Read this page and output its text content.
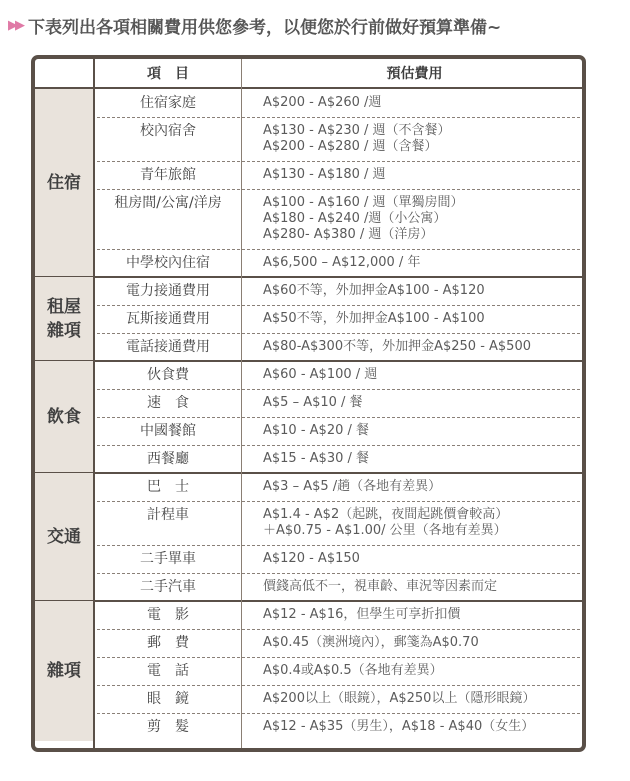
▶▶ 下表列出各項相關費用供您參考，以便您於行前做好預算準備~
項　目	預估費用
住宿
住宿家庭	A$200 - A$260 /週
校內宿舍	A$130 - A$230 / 週（不含餐）
A$200 - A$280 / 週（含餐）
青年旅館	A$130 - A$180 / 週
租房間/公寓/洋房	A$100 - A$160 / 週（單獨房間）
A$180 - A$240 /週（小公寓）
A$280- A$380 / 週（洋房）
中學校內住宿	A$6,500 – A$12,000 / 年
租屋
雜項
電力接通費用	A$60不等，外加押金A$100 - A$120
瓦斯接通費用	A$50不等，外加押金A$100 - A$100
電話接通費用	A$80-A$300不等，外加押金A$250 - A$500
飲食
伙食費	A$60 - A$100 / 週
速　食	A$5 – A$10 / 餐
中國餐館	A$10 - A$20 / 餐
西餐廳	A$15 - A$30 / 餐
交通
巴　士	A$3 – A$5 /趟（各地有差異）
計程車	A$1.4 - A$2（起跳，夜間起跳價會較高）
＋A$0.75 - A$1.00/ 公里（各地有差異）
二手單車	A$120 - A$150
二手汽車	價錢高低不一，視車齡、車況等因素而定
雜項
電　影	A$12 - A$16，但學生可享折扣價
郵　費	A$0.45（澳洲境內），郵箋為A$0.70
電　話	A$0.4或A$0.5（各地有差異）
眼　鏡	A$200以上（眼鏡），A$250以上（隱形眼鏡）
剪　髮	A$12 - A$35（男生），A$18 - A$40（女生）
